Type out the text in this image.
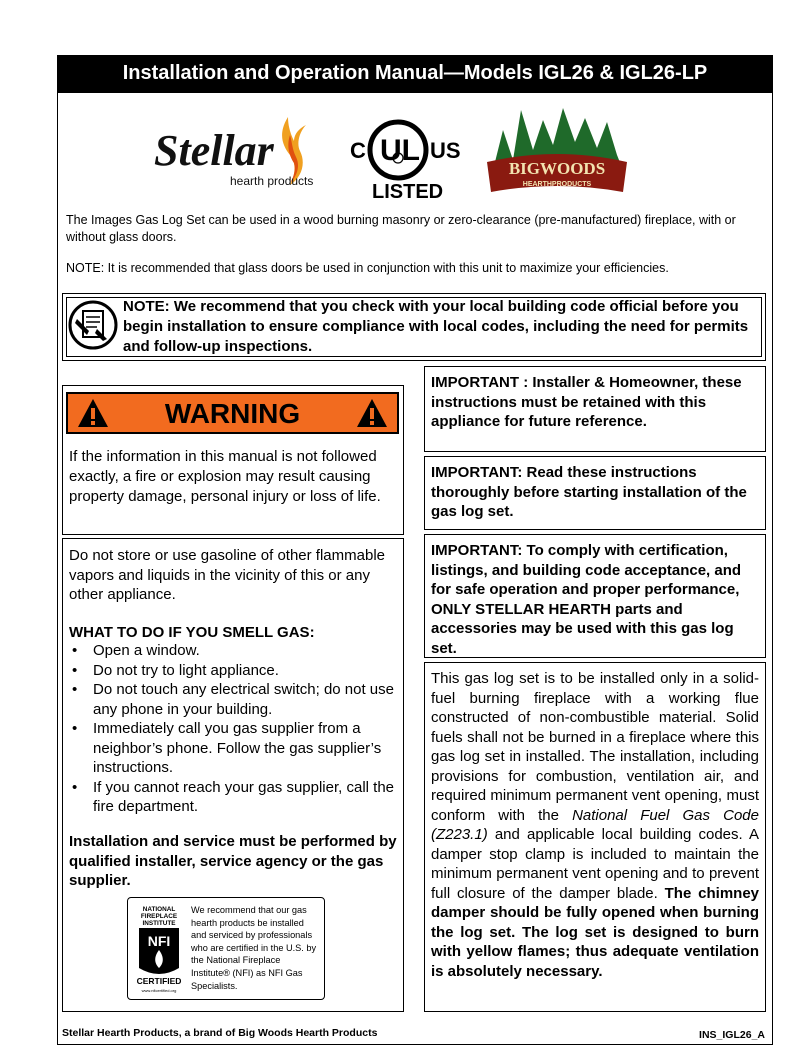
Installation and Operation Manual—Models IGL26 & IGL26-LP
Stellar
hearth products
C UL US
LISTED
BIGWOODS
HEARTHPRODUCTS
The Images Gas Log Set can be used in a wood burning masonry or zero-clearance (pre-manufactured) fireplace, with or without glass doors.
NOTE: It is recommended that glass doors be used in conjunction with this unit to maximize your efficiencies.
NOTE: We recommend that you check with your local building code official before you begin installation to ensure compliance with local codes, including the need for permits and follow-up inspections.
WARNING
If the information in this manual is not followed exactly, a fire or explosion may result causing property damage, personal injury or loss of life.
Do not store or use gasoline of other flammable vapors and liquids in the vicinity of this or any other appliance.
WHAT TO DO IF YOU SMELL GAS:
• Open a window.
• Do not try to light appliance.
• Do not touch any electrical switch; do not use any phone in your building.
• Immediately call you gas supplier from a neighbor’s phone. Follow the gas supplier’s instructions.
• If you cannot reach your gas supplier, call the fire department.
Installation and service must be performed by qualified installer, service agency or the gas supplier.
NATIONAL
FIREPLACE
INSTITUTE
NFI
CERTIFIED
www.nficertified.org
We recommend that our gas hearth products be installed and serviced by professionals who are certified in the U.S. by the National Fireplace Institute® (NFI) as NFI Gas Specialists.
IMPORTANT : Installer & Homeowner, these instructions must be retained with this appliance for future reference.
IMPORTANT: Read these instructions thoroughly before starting installation of the gas log set.
IMPORTANT: To comply with certification, listings, and building code acceptance, and for safe operation and proper performance, ONLY STELLAR HEARTH parts and accessories may be used with this gas log set.
This gas log set is to be installed only in a solid-fuel burning fireplace with a working flue constructed of non-combustible material. Solid fuels shall not be burned in a fireplace where this gas log set in installed. The installation, including provisions for combustion, ventilation air, and required minimum permanent vent opening, must conform with the National Fuel Gas Code (Z223.1) and applicable local building codes. A damper stop clamp is included to maintain the minimum permanent vent opening and to prevent full closure of the damper blade. The chimney damper should be fully opened when burning the log set. The log set is designed to burn with yellow flames; thus adequate ventilation is absolutely necessary.
Stellar Hearth Products, a brand of Big Woods Hearth Products	INS_IGL26_A
